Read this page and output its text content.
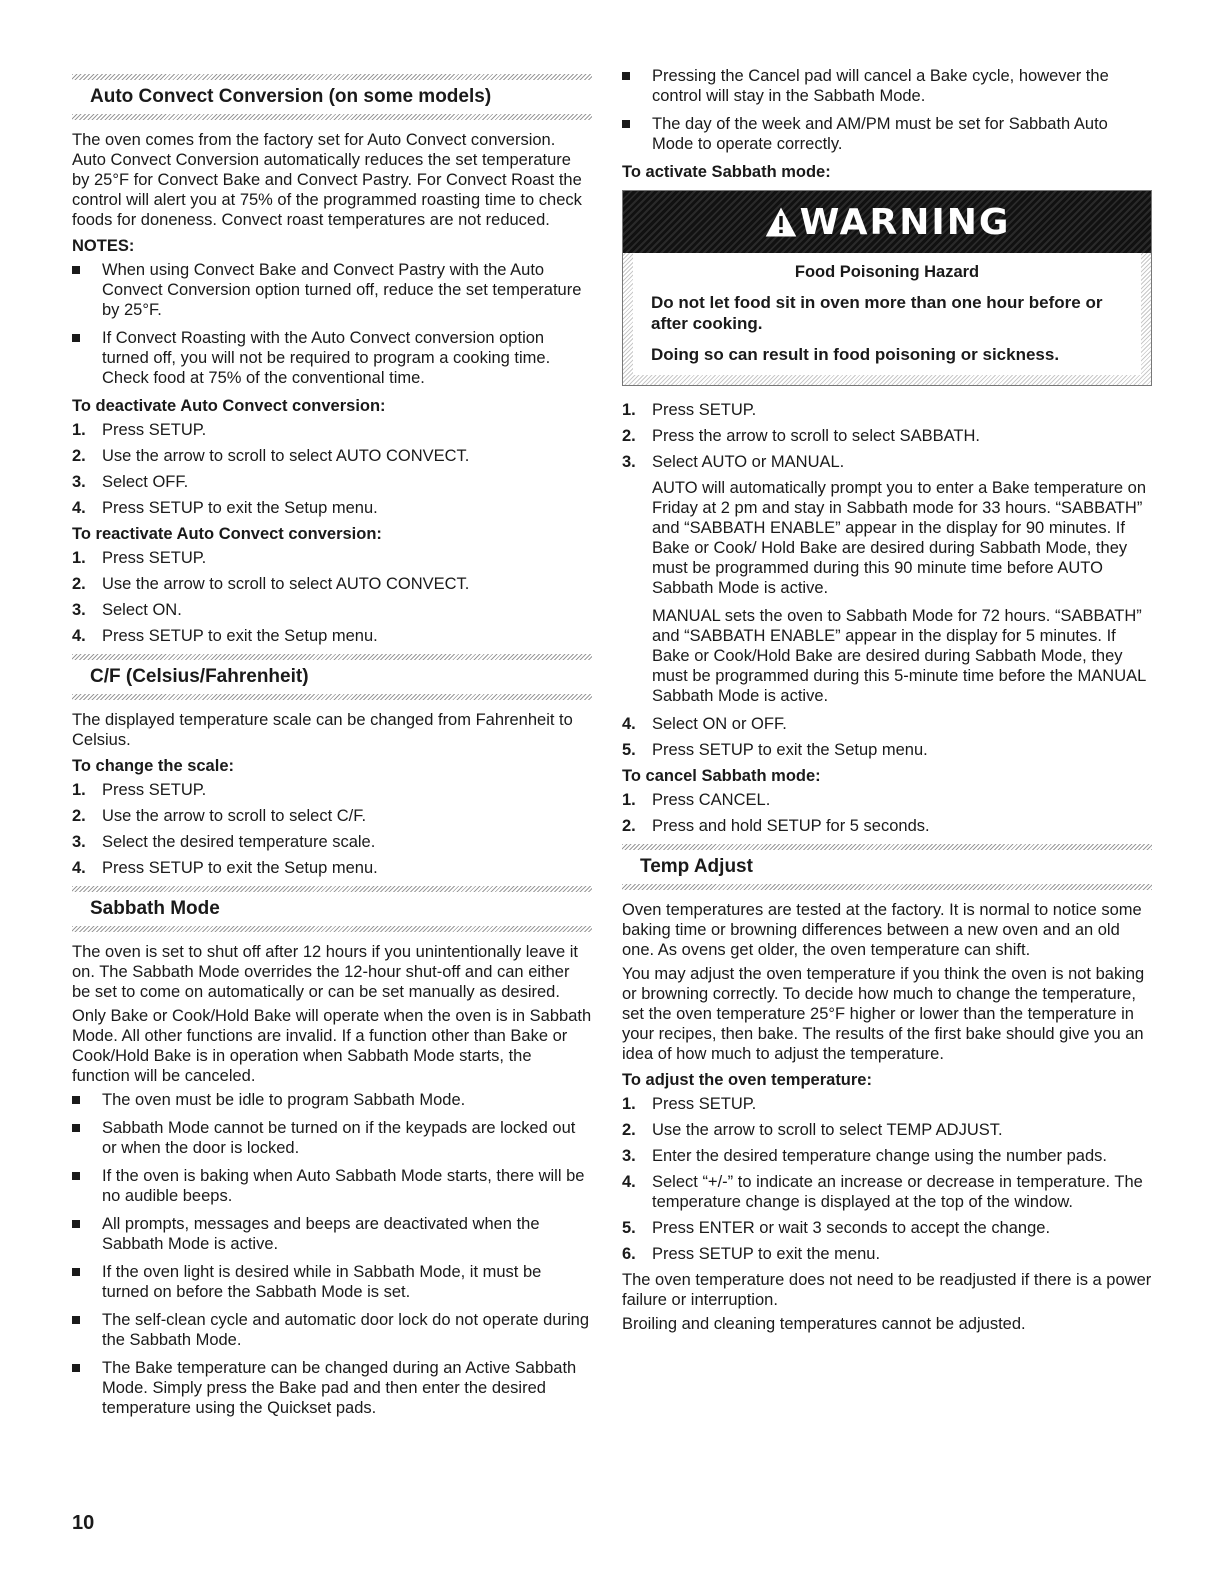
Auto Convect Conversion (on some models)

The oven comes from the factory set for Auto Convect conversion. Auto Convect Conversion automatically reduces the set temperature by 25°F for Convect Bake and Convect Pastry. For Convect Roast the control will alert you at 75% of the programmed roasting time to check foods for doneness. Convect roast temperatures are not reduced.

NOTES:
When using Convect Bake and Convect Pastry with the Auto Convect Conversion option turned off, reduce the set temperature by 25°F.
If Convect Roasting with the Auto Convect conversion option turned off, you will not be required to program a cooking time. Check food at 75% of the conventional time.
To deactivate Auto Convect conversion:
1. Press SETUP.
2. Use the arrow to scroll to select AUTO CONVECT.
3. Select OFF.
4. Press SETUP to exit the Setup menu.
To reactivate Auto Convect conversion:
1. Press SETUP.
2. Use the arrow to scroll to select AUTO CONVECT.
3. Select ON.
4. Press SETUP to exit the Setup menu.
C/F (Celsius/Fahrenheit)

The displayed temperature scale can be changed from Fahrenheit to Celsius.

To change the scale:
1. Press SETUP.
2. Use the arrow to scroll to select C/F.
3. Select the desired temperature scale.
4. Press SETUP to exit the Setup menu.
Sabbath Mode

The oven is set to shut off after 12 hours if you unintentionally leave it on. The Sabbath Mode overrides the 12-hour shut-off and can either be set to come on automatically or can be set manually as desired.

Only Bake or Cook/Hold Bake will operate when the oven is in Sabbath Mode. All other functions are invalid. If a function other than Bake or Cook/Hold Bake is in operation when Sabbath Mode starts, the function will be canceled.

The oven must be idle to program Sabbath Mode.
Sabbath Mode cannot be turned on if the keypads are locked out or when the door is locked.
If the oven is baking when Auto Sabbath Mode starts, there will be no audible beeps.
All prompts, messages and beeps are deactivated when the Sabbath Mode is active.
If the oven light is desired while in Sabbath Mode, it must be turned on before the Sabbath Mode is set.
The self-clean cycle and automatic door lock do not operate during the Sabbath Mode.
The Bake temperature can be changed during an Active Sabbath Mode. Simply press the Bake pad and then enter the desired temperature using the Quickset pads.
Pressing the Cancel pad will cancel a Bake cycle, however the control will stay in the Sabbath Mode.
The day of the week and AM/PM must be set for Sabbath Auto Mode to operate correctly.
To activate Sabbath mode:
WARNING
Food Poisoning Hazard
Do not let food sit in oven more than one hour before or after cooking.
Doing so can result in food poisoning or sickness.
1. Press SETUP.
2. Press the arrow to scroll to select SABBATH.
3. Select AUTO or MANUAL.

AUTO will automatically prompt you to enter a Bake temperature on Friday at 2 pm and stay in Sabbath mode for 33 hours. “SABBATH” and “SABBATH ENABLE” appear in the display for 90 minutes. If Bake or Cook/ Hold Bake are desired during Sabbath Mode, they must be programmed during this 90 minute time before AUTO Sabbath Mode is active.

MANUAL sets the oven to Sabbath Mode for 72 hours. “SABBATH” and “SABBATH ENABLE” appear in the display for 5 minutes. If Bake or Cook/Hold Bake are desired during Sabbath Mode, they must be programmed during this 5-minute time before the MANUAL Sabbath Mode is active.

4. Select ON or OFF.
5. Press SETUP to exit the Setup menu.
To cancel Sabbath mode:
1. Press CANCEL.
2. Press and hold SETUP for 5 seconds.
Temp Adjust

Oven temperatures are tested at the factory. It is normal to notice some baking time or browning differences between a new oven and an old one. As ovens get older, the oven temperature can shift.

You may adjust the oven temperature if you think the oven is not baking or browning correctly. To decide how much to change the temperature, set the oven temperature 25°F higher or lower than the temperature in your recipes, then bake. The results of the first bake should give you an idea of how much to adjust the temperature.

To adjust the oven temperature:
1. Press SETUP.
2. Use the arrow to scroll to select TEMP ADJUST.
3. Enter the desired temperature change using the number pads.
4. Select “+/-” to indicate an increase or decrease in temperature. The temperature change is displayed at the top of the window.
5. Press ENTER or wait 3 seconds to accept the change.
6. Press SETUP to exit the menu.

The oven temperature does not need to be readjusted if there is a power failure or interruption.

Broiling and cleaning temperatures cannot be adjusted.

10
